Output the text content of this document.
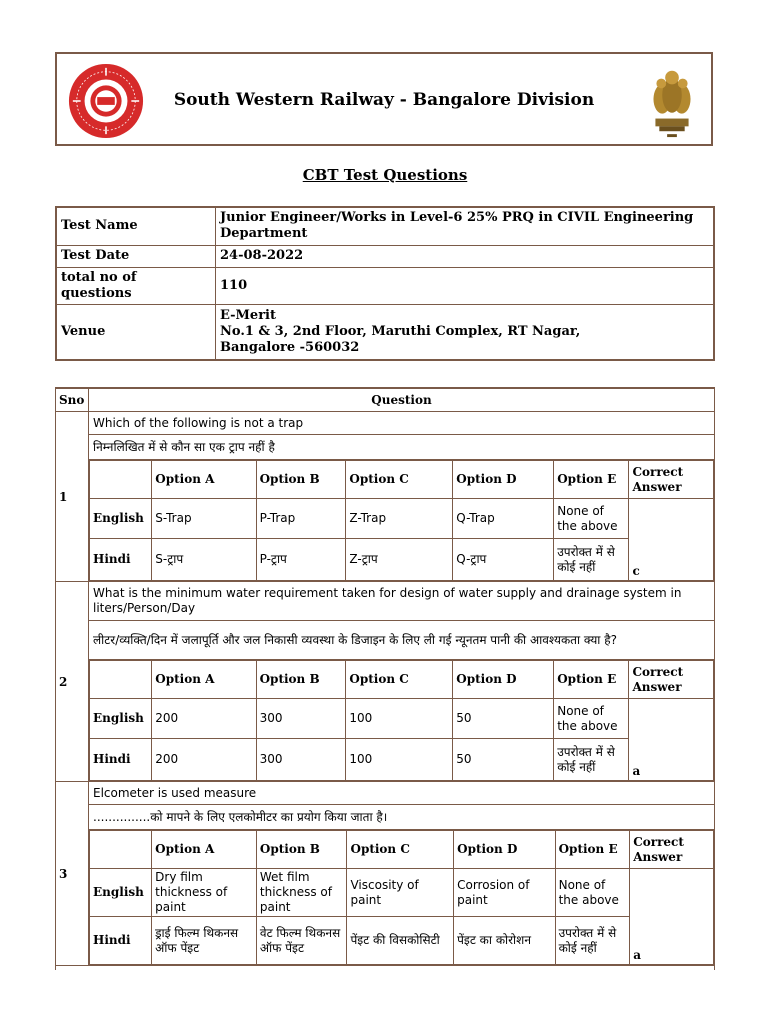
South Western Railway - Bangalore Division
CBT Test Questions
Test Name	Junior Engineer/Works in Level-6 25% PRQ in CIVIL Engineering
Department

Test Date	24-08-2022

total no of questions	110

Venue	E-Merit
No.1 & 3, 2nd Floor, Maruthi Complex, RT Nagar,
Bangalore -560032
Sno	Question
1	Which of the following is not a trap
निम्नलिखित में से कौन सा एक ट्राप नहीं है

	Option A	Option B	Option C	Option D	Option E	Correct Answer
English	S-Trap	P-Trap	Z-Trap	Q-Trap	None of the above	c
Hindi	S-ट्राप	P-ट्राप	Z-ट्राप	Q-ट्राप	उपरोक्त में से कोई नहीं

2	What is the minimum water requirement taken for design of water supply and drainage system in liters/Person/Day
लीटर/व्यक्ति/दिन में जलापूर्ति और जल निकासी व्यवस्था के डिजाइन के लिए ली गई न्यूनतम पानी की आवश्यकता क्या है?

	Option A	Option B	Option C	Option D	Option E	Correct Answer
English	200	300	100	50	None of the above	a
Hindi	200	300	100	50	उपरोक्त में से कोई नहीं

3	Elcometer is used measure
...............को मापने के लिए एलकोमीटर का प्रयोग किया जाता है।

	Option A	Option B	Option C	Option D	Option E	Correct Answer
English	Dry film thickness of paint	Wet film thickness of paint	Viscosity of paint	Corrosion of paint	None of the above	a
Hindi	ड्राई फिल्म थिकनस ऑफ पेंइट	वेट फिल्म थिकनस ऑफ पेंइट	पेंइट की विसकोसिटी	पेंइट का कोरोशन	उपरोक्त में से कोई नहीं
